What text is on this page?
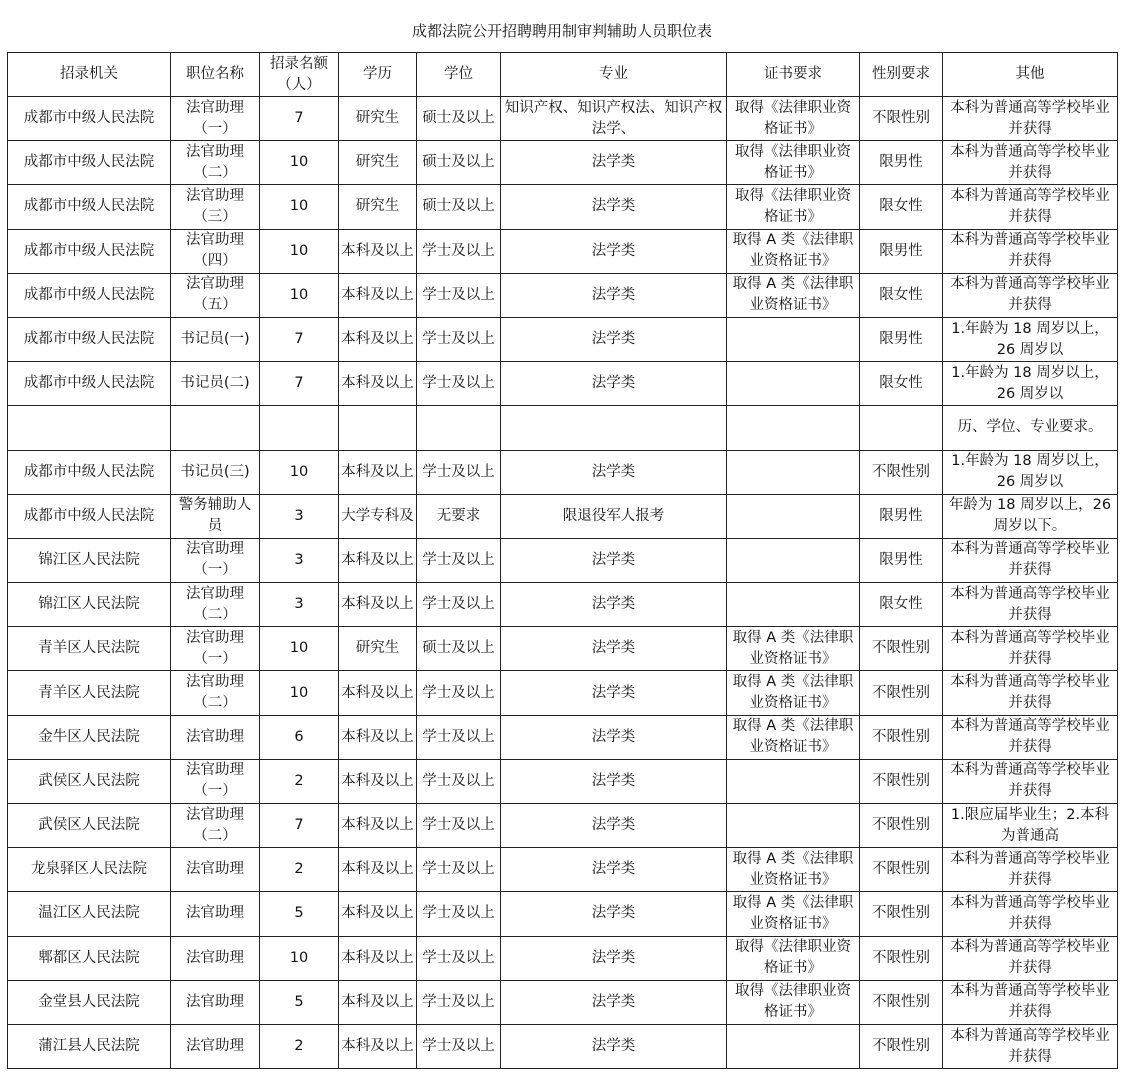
成都法院公开招聘聘用制审判辅助人员职位表
招录机关	职位名称	招录名额（人）	学历	学位	专业	证书要求	性别要求	其他

成都市中级人民法院	法官助理（一）	7	研究生	硕士及以上	知识产权、知识产权法、知识产权法学、	取得《法律职业资格证书》	不限性别	本科为普通高等学校毕业并获得

成都市中级人民法院	法官助理（二）	10	研究生	硕士及以上	法学类	取得《法律职业资格证书》	限男性	本科为普通高等学校毕业并获得

成都市中级人民法院	法官助理（三）	10	研究生	硕士及以上	法学类	取得《法律职业资格证书》	限女性	本科为普通高等学校毕业并获得

成都市中级人民法院	法官助理（四）	10	本科及以上	学士及以上	法学类	取得 A 类《法律职业资格证书》	限男性	本科为普通高等学校毕业并获得

成都市中级人民法院	法官助理（五）	10	本科及以上	学士及以上	法学类	取得 A 类《法律职业资格证书》	限女性	本科为普通高等学校毕业并获得

成都市中级人民法院	书记员(一)	7	本科及以上	学士及以上	法学类		限男性	1.年龄为 18 周岁以上，26 周岁以

成都市中级人民法院	书记员(二)	7	本科及以上	学士及以上	法学类		限女性	1.年龄为 18 周岁以上，26 周岁以

								历、学位、专业要求。

成都市中级人民法院	书记员(三)	10	本科及以上	学士及以上	法学类		不限性别	1.年龄为 18 周岁以上，26 周岁以

成都市中级人民法院	警务辅助人员	3	大学专科及	无要求	限退役军人报考		限男性	年龄为 18 周岁以上，26 周岁以下。

锦江区人民法院	法官助理（一）	3	本科及以上	学士及以上	法学类		限男性	本科为普通高等学校毕业并获得

锦江区人民法院	法官助理（二）	3	本科及以上	学士及以上	法学类		限女性	本科为普通高等学校毕业并获得

青羊区人民法院	法官助理（一）	10	研究生	硕士及以上	法学类	取得 A 类《法律职业资格证书》	不限性别	本科为普通高等学校毕业并获得

青羊区人民法院	法官助理（二）	10	本科及以上	学士及以上	法学类	取得 A 类《法律职业资格证书》	不限性别	本科为普通高等学校毕业并获得

金牛区人民法院	法官助理	6	本科及以上	学士及以上	法学类	取得 A 类《法律职业资格证书》	不限性别	本科为普通高等学校毕业并获得

武侯区人民法院	法官助理（一）	2	本科及以上	学士及以上	法学类		不限性别	本科为普通高等学校毕业并获得

武侯区人民法院	法官助理（二）	7	本科及以上	学士及以上	法学类		不限性别	1.限应届毕业生；2.本科为普通高

龙泉驿区人民法院	法官助理	2	本科及以上	学士及以上	法学类	取得 A 类《法律职业资格证书》	不限性别	本科为普通高等学校毕业并获得

温江区人民法院	法官助理	5	本科及以上	学士及以上	法学类	取得 A 类《法律职业资格证书》	不限性别	本科为普通高等学校毕业并获得

郫都区人民法院	法官助理	10	本科及以上	学士及以上	法学类	取得《法律职业资格证书》	不限性别	本科为普通高等学校毕业并获得

金堂县人民法院	法官助理	5	本科及以上	学士及以上	法学类	取得《法律职业资格证书》	不限性别	本科为普通高等学校毕业并获得

蒲江县人民法院	法官助理	2	本科及以上	学士及以上	法学类		不限性别	本科为普通高等学校毕业并获得
